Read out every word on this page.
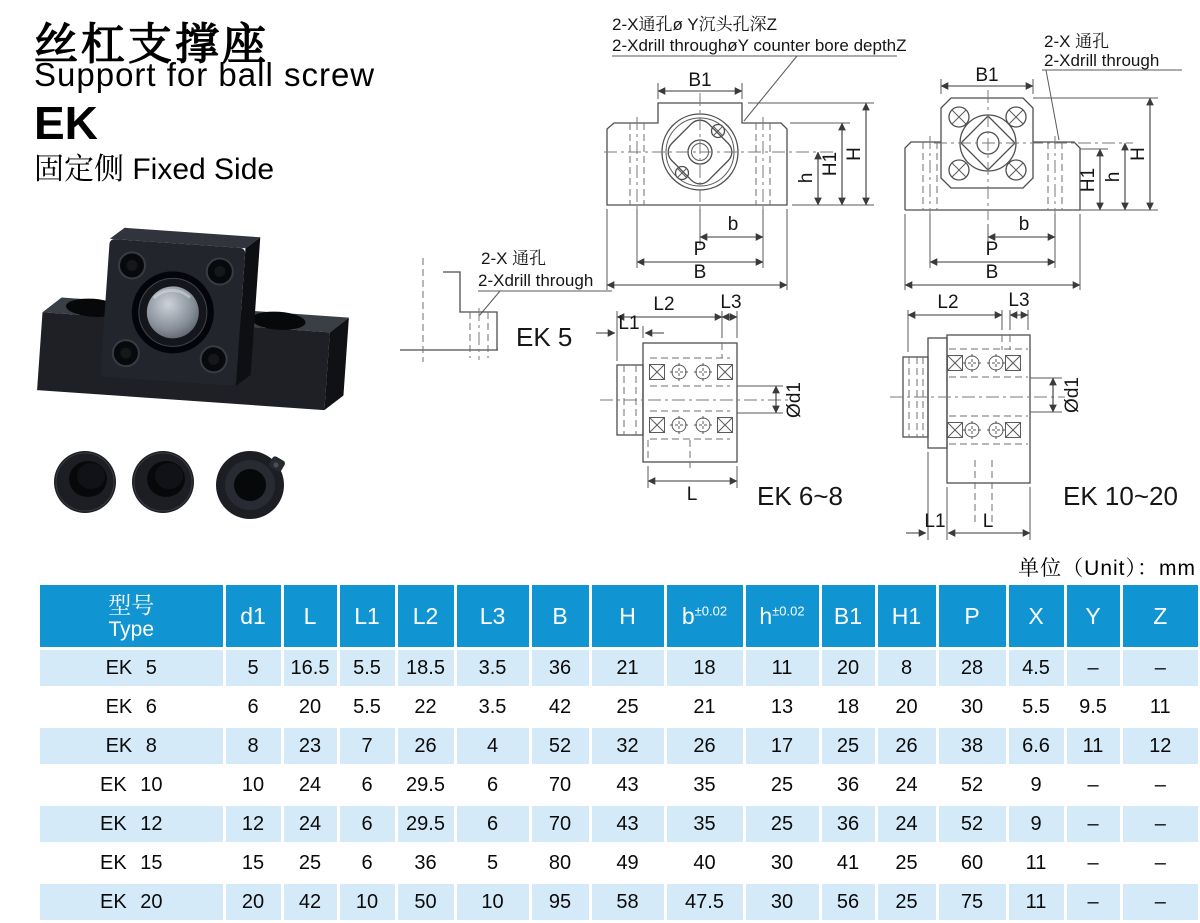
丝杠支撑座
Support for ball screw
EK
固定侧 Fixed Side
2-X通孔ø Y沉头孔深Z
2-Xdrill throughøY counter bore depthZ	2-X 通孔
2-Xdrill through
B1
h
H1 H
b
P
B
B1
H1 h
H
b
P
B
2-X 通孔
2-Xdrill through
EK 5
L2 L3
L1
Ød1
L EK 6~8
L2	L3
Ød1
L1 L
EK 10~20
单位（Unit）：mm
型号
Type	d1	L	L1	L2	L3	B	H	$b^{\pm 0.02}$	$h^{\pm 0.02}$	B1	H1	P	X	Y	Z
EK 5	5	16.5	5.5	18.5	3.5	36	21	18	11	20	8	28	4.5	–	–
EK 6	6	20	5.5	22	3.5	42	25	21	13	18	20	30	5.5	9.5	11
EK 8	8	23	7	26	4	52	32	26	17	25	26	38	6.6	11	12
EK 10	10	24	6	29.5	6	70	43	35	25	36	24	52	9	–	–
EK 12	12	24	6	29.5	6	70	43	35	25	36	24	52	9	–	–
EK 15	15	25	6	36	5	80	49	40	30	41	25	60	11	–	–
EK 20	20	42	10	50	10	95	58	47.5	30	56	25	75	11	–	–
